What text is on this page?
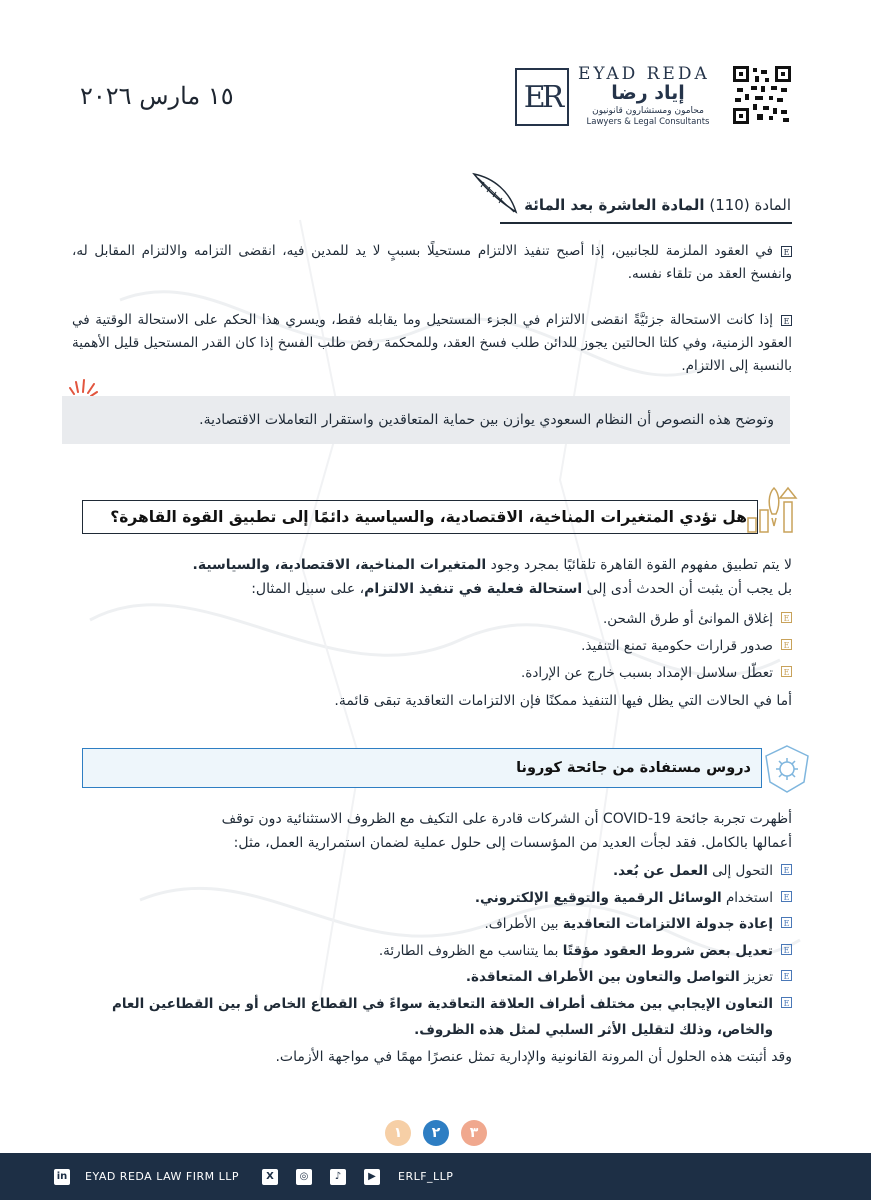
١٥ مارس ٢٠٢٦	ER
EYAD REDA
إياد رضا
محامون ومستشارون قانونيون
Lawyers & Legal Consultants
المادة (110) المادة العاشرة بعد المائة
Eفي العقود الملزمة للجانبين، إذا أصبح تنفيذ الالتزام مستحيلًا بسببٍ لا يد للمدين فيه، انقضى التزامه والالتزام المقابل له، وانفسخ العقد من تلقاء نفسه.
Eإذا كانت الاستحالة جزئيَّةً انقضى الالتزام في الجزء المستحيل وما يقابله فقط، ويسري هذا الحكم على الاستحالة الوقتية في العقود الزمنية، وفي كلتا الحالتين يجوز للدائن طلب فسخ العقد، وللمحكمة رفض طلب الفسخ إذا كان القدر المستحيل قليل الأهمية بالنسبة إلى الالتزام.
وتوضح هذه النصوص أن النظام السعودي يوازن بين حماية المتعاقدين واستقرار التعاملات الاقتصادية.
هل تؤدي المتغيرات المناخية، الاقتصادية، والسياسية دائمًا إلى تطبيق القوة القاهرة؟
لا يتم تطبيق مفهوم القوة القاهرة تلقائيًا بمجرد وجود المتغيرات المناخية، الاقتصادية، والسياسية.
بل يجب أن يثبت أن الحدث أدى إلى استحالة فعلية في تنفيذ الالتزام، على سبيل المثال:
E
إغلاق الموانئ أو طرق الشحن.
E
صدور قرارات حكومية تمنع التنفيذ.
E
تعطّل سلاسل الإمداد بسبب خارج عن الإرادة.
أما في الحالات التي يظل فيها التنفيذ ممكنًا فإن الالتزامات التعاقدية تبقى قائمة.
دروس مستفادة من جائحة كورونا
أظهرت تجربة جائحة COVID-19 أن الشركات قادرة على التكيف مع الظروف الاستثنائية دون توقف
أعمالها بالكامل. فقد لجأت العديد من المؤسسات إلى حلول عملية لضمان استمرارية العمل، مثل:
E
التحول إلى العمل عن بُعد.
E
استخدام الوسائل الرقمية والتوقيع الإلكتروني.
E
إعادة جدولة الالتزامات التعاقدية بين الأطراف.
E
تعديل بعض شروط العقود مؤقتًا بما يتناسب مع الظروف الطارئة.
E
تعزيز التواصل والتعاون بين الأطراف المتعاقدة.
E
التعاون الإيجابي بين مختلف أطراف العلاقة التعاقدية سواءً في القطاع الخاص أو بين القطاعين العام والخاص، وذلك لتقليل الأثر السلبي لمثل هذه الظروف.
وقد أثبتت هذه الحلول أن المرونة القانونية والإدارية تمثل عنصرًا مهمًا في مواجهة الأزمات.
١	٢	٣
in EYAD REDA LAW FIRM LLP	X	◎	♪	▶	ERLF_LLP
